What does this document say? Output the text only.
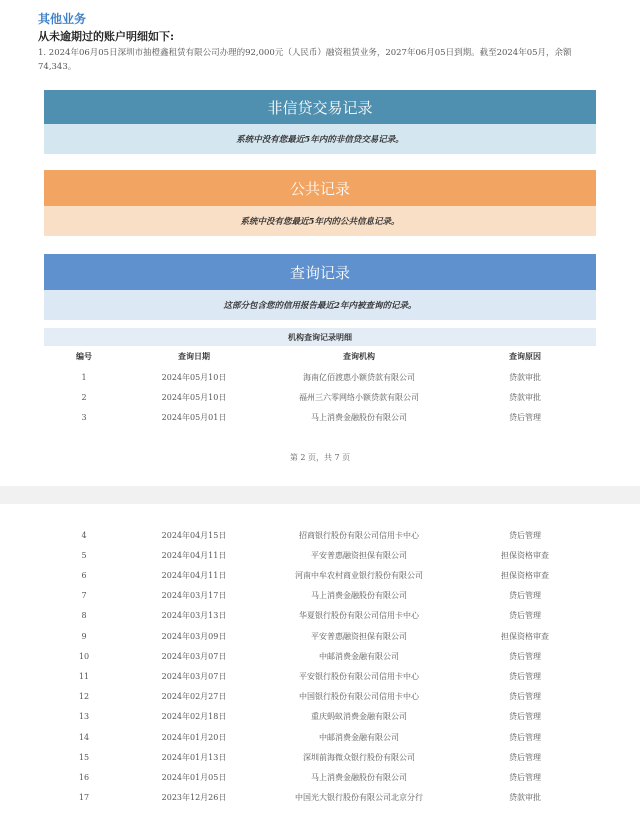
其他业务
从未逾期过的账户明细如下:
1. 2024年06月05日深圳市抽橙鑫租赁有限公司办理的92,000元（人民币）融资租赁业务，2027年06月05日到期。截至2024年05月，余额74,343。
非信贷交易记录
系统中没有您最近5年内的非信贷交易记录。
公共记录
系统中没有您最近5年内的公共信息记录。
查询记录
这部分包含您的信用报告最近2年内被查询的记录。
机构查询记录明细
编号	查询日期	查询机构	查询原因
1	2024年05月10日	海南亿佰渡惠小额贷款有限公司	贷款审批
2	2024年05月10日	福州三六零网络小额贷款有限公司	贷款审批
3	2024年05月01日	马上消费金融股份有限公司	贷后管理
第 2 页，共 7 页
4	2024年04月15日	招商银行股份有限公司信用卡中心	贷后管理
5	2024年04月11日	平安普惠融资担保有限公司	担保资格审查
6	2024年04月11日	河南中牟农村商业银行股份有限公司	担保资格审查
7	2024年03月17日	马上消费金融股份有限公司	贷后管理
8	2024年03月13日	华夏银行股份有限公司信用卡中心	贷后管理
9	2024年03月09日	平安普惠融资担保有限公司	担保资格审查
10	2024年03月07日	中邮消费金融有限公司	贷后管理
11	2024年03月07日	平安银行股份有限公司信用卡中心	贷后管理
12	2024年02月27日	中国银行股份有限公司信用卡中心	贷后管理
13	2024年02月18日	重庆蚂蚁消费金融有限公司	贷后管理
14	2024年01月20日	中邮消费金融有限公司	贷后管理
15	2024年01月13日	深圳前海微众银行股份有限公司	贷后管理
16	2024年01月05日	马上消费金融股份有限公司	贷后管理
17	2023年12月26日	中国光大银行股份有限公司北京分行	贷款审批
